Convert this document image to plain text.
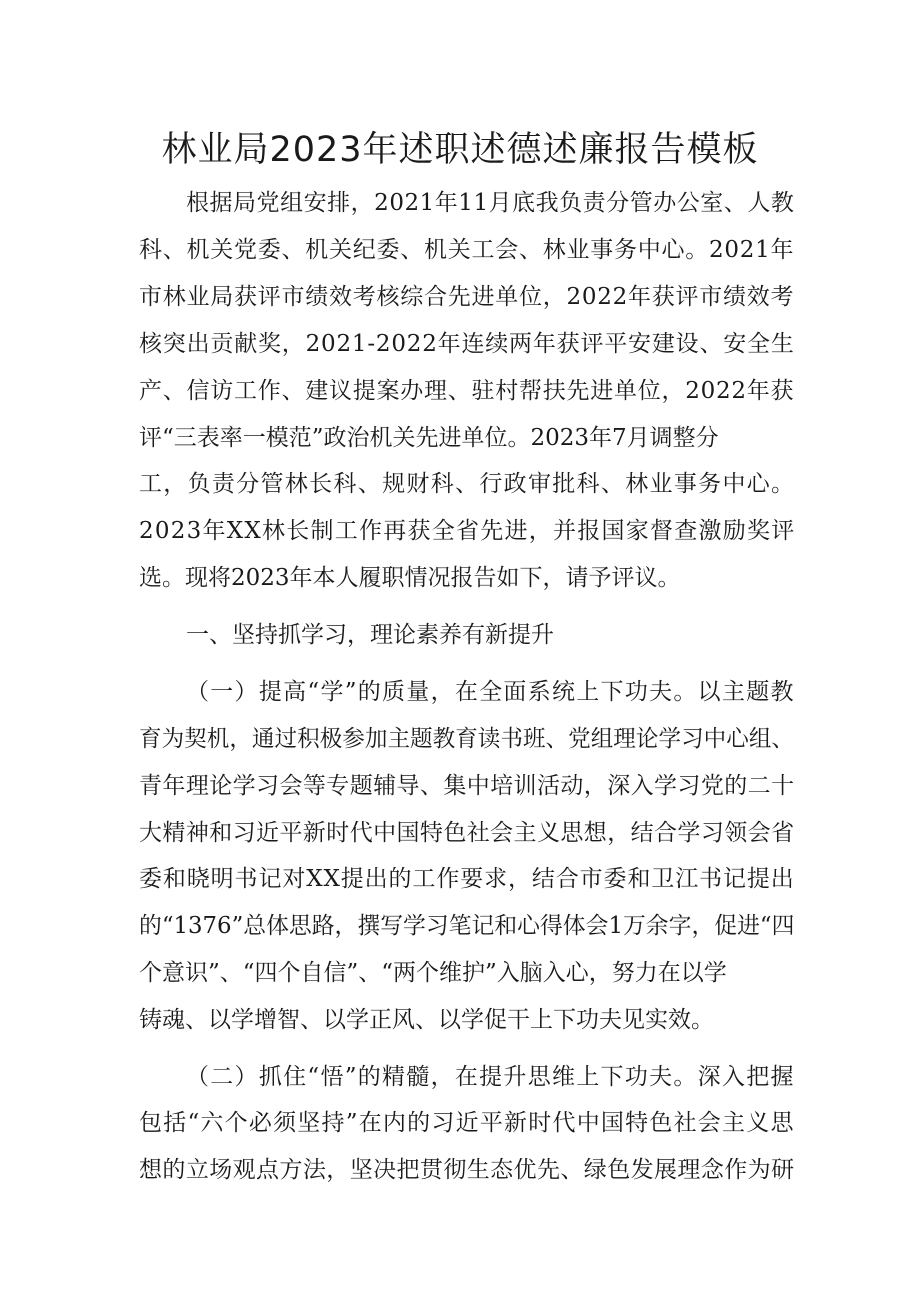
林业局2023年述职述德述廉报告模板
根据局党组安排，2021年11月底我负责分管办公室、人教
科、机关党委、机关纪委、机关工会、林业事务中心。2021年
市林业局获评市绩效考核综合先进单位，2022年获评市绩效考
核突出贡献奖，2021-2022年连续两年获评平安建设、安全生
产、信访工作、建议提案办理、驻村帮扶先进单位，2022年获
评“三表率一模范”政治机关先进单位。2023年7月调整分
工，负责分管林长科、规财科、行政审批科、林业事务中心。
2023年XX林长制工作再获全省先进，并报国家督查激励奖评
选。现将2023年本人履职情况报告如下，请予评议。
一、坚持抓学习，理论素养有新提升
（一）提高“学”的质量，在全面系统上下功夫。以主题教
育为契机，通过积极参加主题教育读书班、党组理论学习中心组、
青年理论学习会等专题辅导、集中培训活动，深入学习党的二十
大精神和习近平新时代中国特色社会主义思想，结合学习领会省
委和晓明书记对XX提出的工作要求，结合市委和卫江书记提出
的“1376”总体思路，撰写学习笔记和心得体会1万余字，促进“四
个意识”、“四个自信”、“两个维护”入脑入心，努力在以学
铸魂、以学增智、以学正风、以学促干上下功夫见实效。
（二）抓住“悟”的精髓，在提升思维上下功夫。深入把握
包括“六个必须坚持”在内的习近平新时代中国特色社会主义思
想的立场观点方法，坚决把贯彻生态优先、绿色发展理念作为研
